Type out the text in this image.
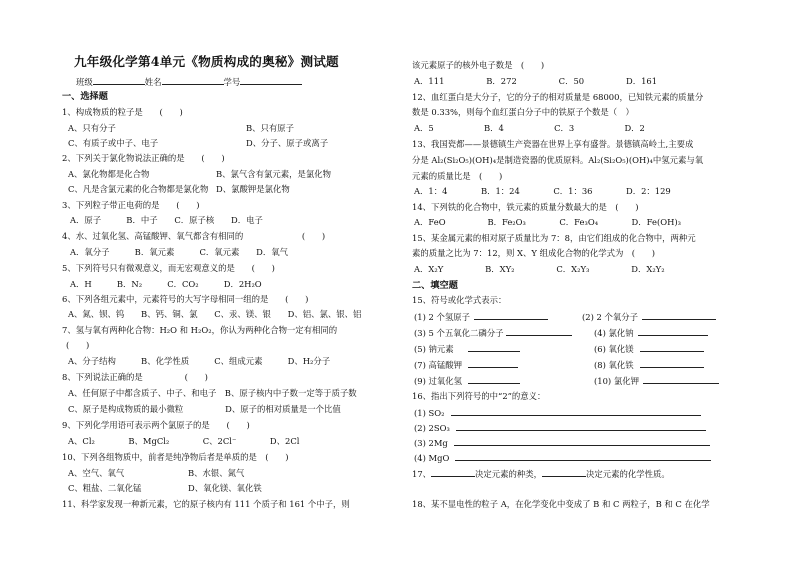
九年级化学第4单元《物质构成的奥秘》测试题
班级	姓名	学号
一、选择题
1、构成物质的粒子是　　(　　)
A、只有分子	B、只有原子
C、有质子或中子、电子	D、分子、原子或离子
2、下列关于氯化物说法正确的是　　(　　)
A、氯化物都是化合物	B、氯气含有氯元素，是氯化物
C、凡是含氯元素的化合物都是氯化物 D、氯酸钾是氯化物
3、下列粒子带正电荷的是　　(　　)
A．原子　　　B．中子　　C．原子核　　D．电子
4、水、过氧化氢、高锰酸钾、氧气都含有相同的　　　　　　　(　　)
A．氧分子　　　B．氧元素　　　C．氧元素　　D．氧气
5、下列符号只有微观意义，而无宏观意义的是　　(　　)
A．H　　　B．N₂　　　C．CO₂　　　D．2H₂O
6、下列各组元素中，元素符号的大写字母相同一组的是　　(　　)
A、氮、钡、钨　　B、钙、铜、氯　　C、汞、镁、银　　D、铝、氯、银、铝
7、氢与氧有两种化合物：H₂O 和 H₂O₂，你认为两种化合物一定有相同的
(　　)
A、分子结构　　　B、化学性质　　　C、组成元素　　　D、H₂分子
8、下列说法正确的是　　　　　(　　)
A、任何原子中都含质子、中子、和电子　B、原子核内中子数一定等于质子数
C、原子是构成物质的最小微粒　　　　　D、原子的相对质量是一个比值
9、下列化学用语可表示两个氯原子的是　　(　　)
A、Cl₂　　　　B、MgCl₂　　　　C、2Cl⁻　　　　D、2Cl
10、下列各组物质中，前者是纯净物后者是单质的是　(　　)
A、空气、氧气	B、水银、氮气
C、粗盐、二氧化锰	D、氧化镁、氧化铁
11、科学家发现一种新元素，它的原子核内有 111 个质子和 161 个中子，则
该元素原子的核外电子数是　(　　)
A．111　　　　　B．272　　　　　C．50　　　　　D．161
12、血红蛋白是大分子，它的分子的相对质量是 68000，已知铁元素的质量分
数是 0.33%，则每个血红蛋白分子中的铁原子个数是（　）
A．5　　　　　　B．4　　　　　　C．3　　　　　　D．2
13、我国瓷都——景德镇生产瓷器在世界上享有盛誉。景德镇高岭土,主要成
分是 Al₂(Si₂O₅)(OH)₄是制造瓷器的优质原料。Al₂(Si₂O₅)(OH)₄中氢元素与氧
元素的质量比是　(　　)
A．1：4　　　　B．1：24　　　　C．1：36　　　　D．2：129
14、下列铁的化合物中，铁元素的质量分数最大的是　(　　)
A．FeO　　　　　B．Fe₂O₃　　　　C．Fe₃O₄　　　　D．Fe(OH)₃
15、某金属元素的相对原子质量比为 7：8，由它们组成的化合物中，两种元
素的质量之比为 7：12，则 X、Y 组成化合物的化学式为　(　　)
A．X₂Y　　　　　B．XY₂　　　　　C．X₂Y₃　　　　　D．X₂Y₂
二、填空题
15、符号或化学式表示：
(1) 2 个氢原子	(2) 2 个氧分子
(3) 5 个五氧化二磷分子	(4) 氯化钠
(5) 钠元素	(6) 氧化镁
(7) 高锰酸钾	(8) 氧化铁
(9) 过氧化氢	(10) 氯化钾
16、指出下列符号的中“2”的意义：
(1) SO₂
(2) 2SO₃
(3) 2Mg
(4) MgO
17、	决定元素的种类，	决定元素的化学性质。
18、某不显电性的粒子 A，在化学变化中变成了 B 和 C 两粒子，B 和 C 在化学
